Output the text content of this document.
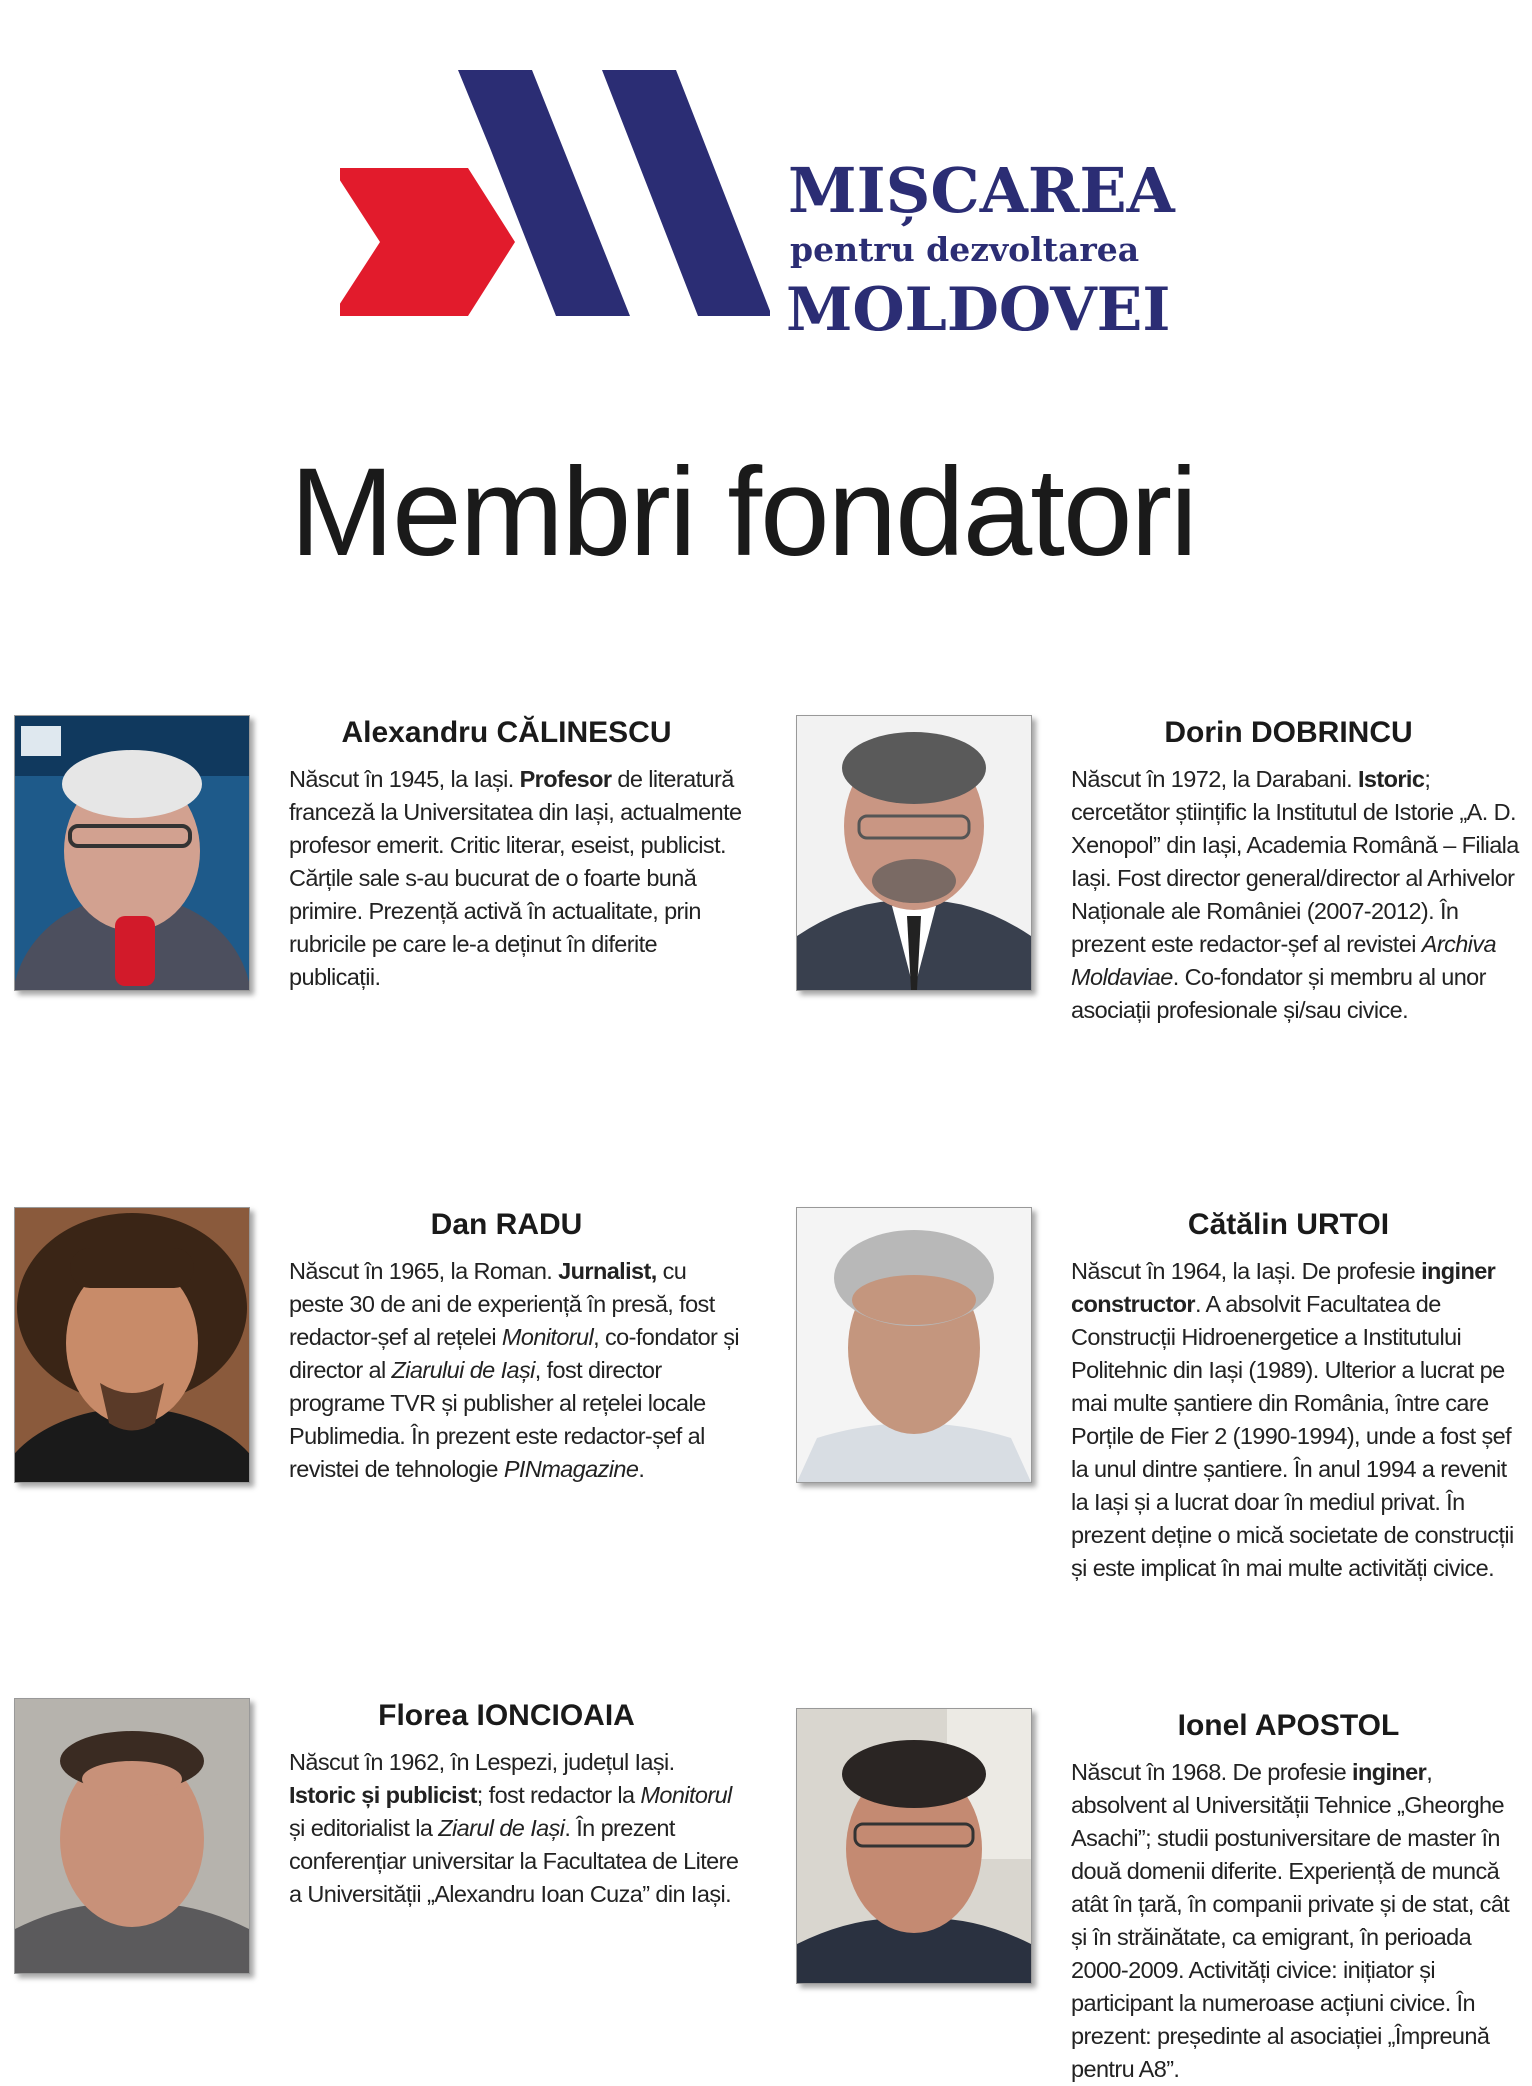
MIȘCAREA
pentru dezvoltarea
MOLDOVEI
Membri fondatori
Alexandru CĂLINESCU

Născut în 1945, la Iași. Profesor de literatură franceză la Universitatea din Iași, actualmente profesor emerit. Critic literar, eseist, publicist. Cărțile sale s-au bucurat de o foarte bună primire. Prezență activă în actualitate, prin rubricile pe care le-a deținut în diferite publicații.

Dorin DOBRINCU

Născut în 1972, la Darabani. Istoric; cercetător științific la Institutul de Istorie „A. D. Xenopol” din Iași, Academia Română – Filiala Iași. Fost director general/director al Arhivelor Naționale ale României (2007-2012). În prezent este redactor-șef al revistei Archiva Moldaviae. Co-fondator și membru al unor asociații profesionale și/sau civice.

Dan RADU

Născut în 1965, la Roman. Jurnalist, cu peste 30 de ani de experiență în presă, fost redactor-șef al rețelei Monitorul, co-fondator și director al Ziarului de Iași, fost director programe TVR și publisher al rețelei locale Publimedia. În prezent este redactor-șef al revistei de tehnologie PINmagazine.

Cătălin URTOI

Născut în 1964, la Iași. De profesie inginer constructor. A absolvit Facultatea de Construcții Hidroenergetice a Institutului Politehnic din Iași (1989). Ulterior a lucrat pe mai multe șantiere din România, între care Porțile de Fier 2 (1990-1994), unde a fost șef la unul dintre șantiere. În anul 1994 a revenit la Iași și a lucrat doar în mediul privat. În prezent deține o mică societate de construcții și este implicat în mai multe activități civice.

Florea IONCIOAIA

Născut în 1962, în Lespezi, județul Iași. Istoric și publicist; fost redactor la Monitorul și editorialist la Ziarul de Iași. În prezent conferențiar universitar la Facultatea de Litere a Universității „Alexandru Ioan Cuza” din Iași.

Ionel APOSTOL

Născut în 1968. De profesie inginer, absolvent al Universității Tehnice „Gheorghe Asachi”; studii postuniversitare de master în două domenii diferite. Experiență de muncă atât în țară, în companii private și de stat, cât și în străinătate, ca emigrant, în perioada 2000-2009. Activități civice: inițiator și participant la numeroase acțiuni civice. În prezent: președinte al asociației „Împreună pentru A8”.
